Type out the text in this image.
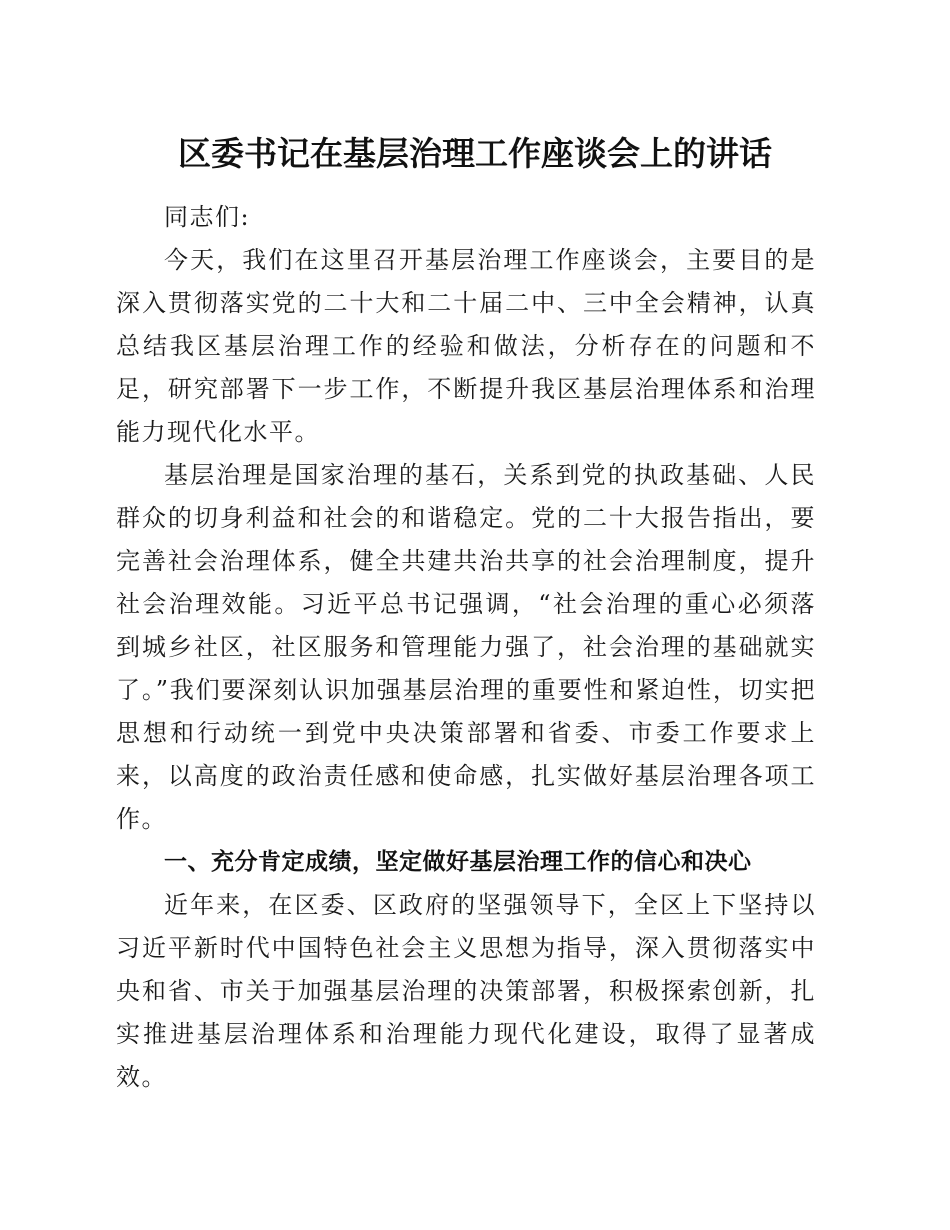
区委书记在基层治理工作座谈会上的讲话

同志们:

今天，我们在这里召开基层治理工作座谈会，主要目的是深入贯彻落实党的二十大和二十届二中、三中全会精神，认真总结我区基层治理工作的经验和做法，分析存在的问题和不足，研究部署下一步工作，不断提升我区基层治理体系和治理能力现代化水平。

基层治理是国家治理的基石，关系到党的执政基础、人民群众的切身利益和社会的和谐稳定。党的二十大报告指出，要完善社会治理体系，健全共建共治共享的社会治理制度，提升社会治理效能。习近平总书记强调，“社会治理的重心必须落到城乡社区，社区服务和管理能力强了，社会治理的基础就实了。”我们要深刻认识加强基层治理的重要性和紧迫性，切实把思想和行动统一到党中央决策部署和省委、市委工作要求上来，以高度的政治责任感和使命感，扎实做好基层治理各项工作。

一、充分肯定成绩，坚定做好基层治理工作的信心和决心

近年来，在区委、区政府的坚强领导下，全区上下坚持以习近平新时代中国特色社会主义思想为指导，深入贯彻落实中央和省、市关于加强基层治理的决策部署，积极探索创新，扎实推进基层治理体系和治理能力现代化建设，取得了显著成效。
